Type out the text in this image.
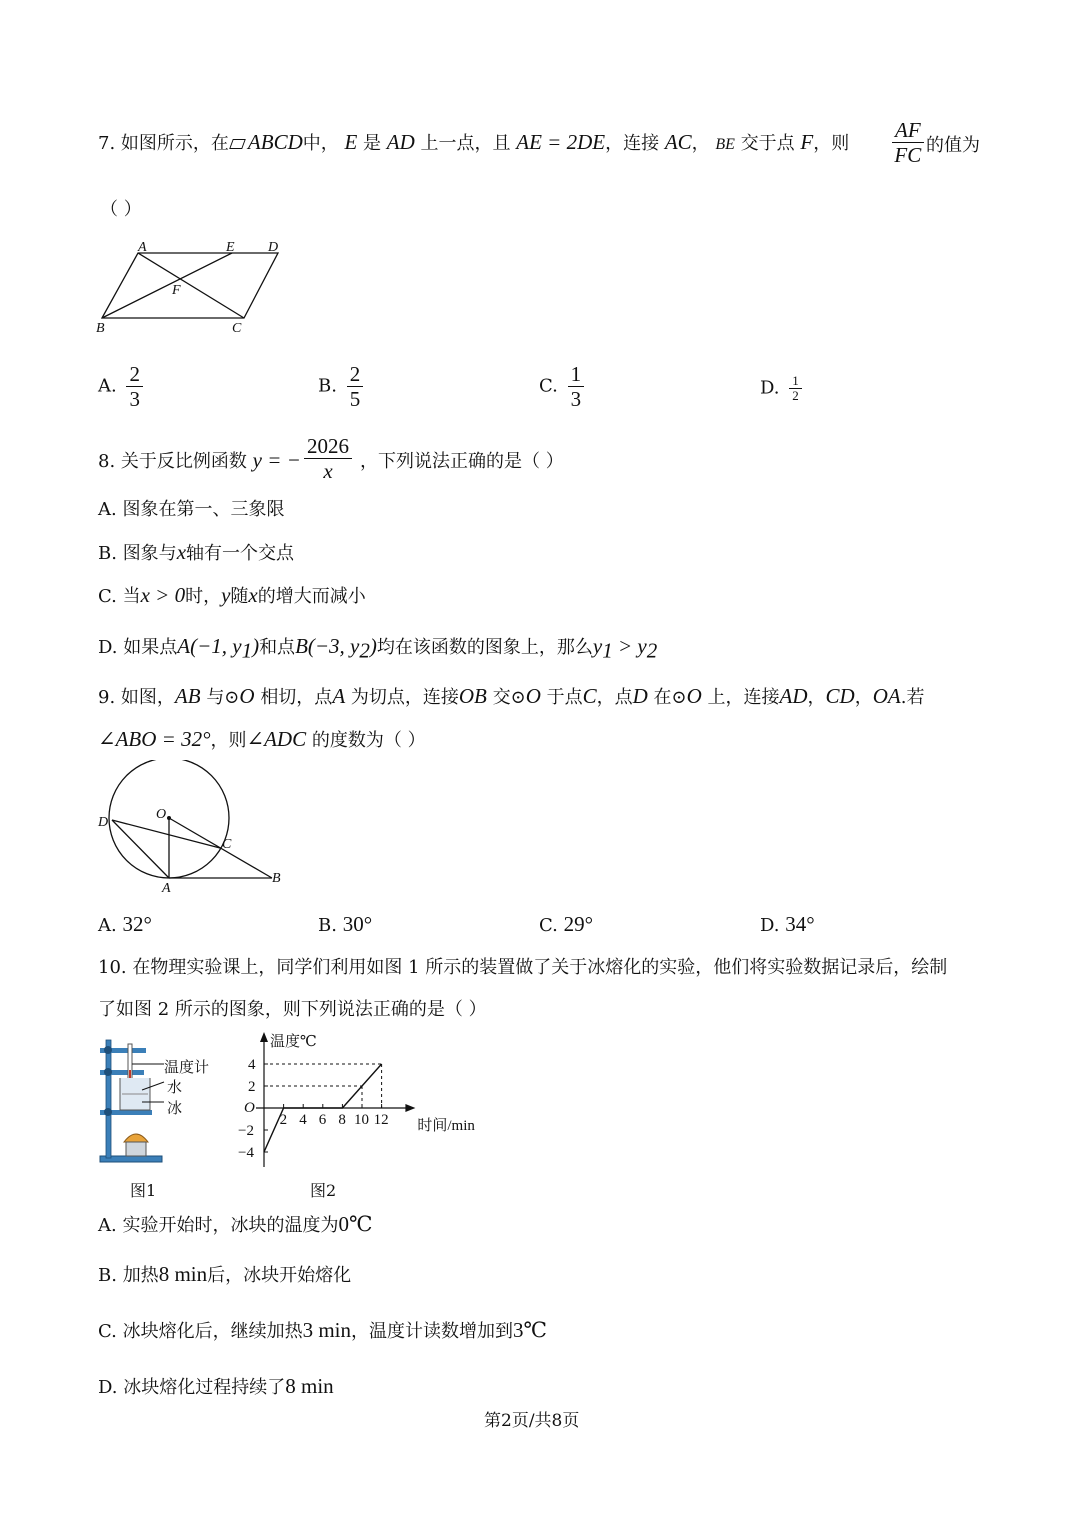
7. 如图所示，在 ABCD中， E 是 AD 上一点，且 AE = 2DE，连接 AC， BE 交于点 F，则 $\frac{AF}{FC}$ 的值为
（ ）
A	E D
F
B	C
A. $\frac{2}{3}$	B. $\frac{2}{5}$	C. $\frac{1}{3}$	D. $\frac{1}{2}$
8. 关于反比例函数 y = − $\frac{2026}{x}$ ，下列说法正确的是（ ）
A. 图象在第一、三象限
B. 图象与x轴有一个交点
C. 当x > 0时，y随x的增大而减小
D. 如果点A(−1, $y_1$)和点B(−3, $y_2$)均在该函数的图象上，那么$y_1 > y_2$
9. 如图，AB 与⊙O 相切，点A 为切点，连接OB 交⊙O 于点C，点D 在⊙O 上，连接AD，CD，OA.若
∠ABO = 32°，则∠ADC 的度数为（ ）
D
O
C
A
B
A. 32°	B. 30°	C. 29°	D. 34°
10. 在物理实验课上，同学们利用如图 1 所示的装置做了关于冰熔化的实验，他们将实验数据记录后，绘制
了如图 2 所示的图象，则下列说法正确的是（ ）
温度计
水
冰
图1
温度℃
时间/min
O
2 4 6 8 10 12
4
2
−2
−4
图2
A. 实验开始时，冰块的温度为0℃
B. 加热8 min后，冰块开始熔化
C. 冰块熔化后，继续加热3 min，温度计读数增加到3℃
D. 冰块熔化过程持续了8 min
第2页/共8页
